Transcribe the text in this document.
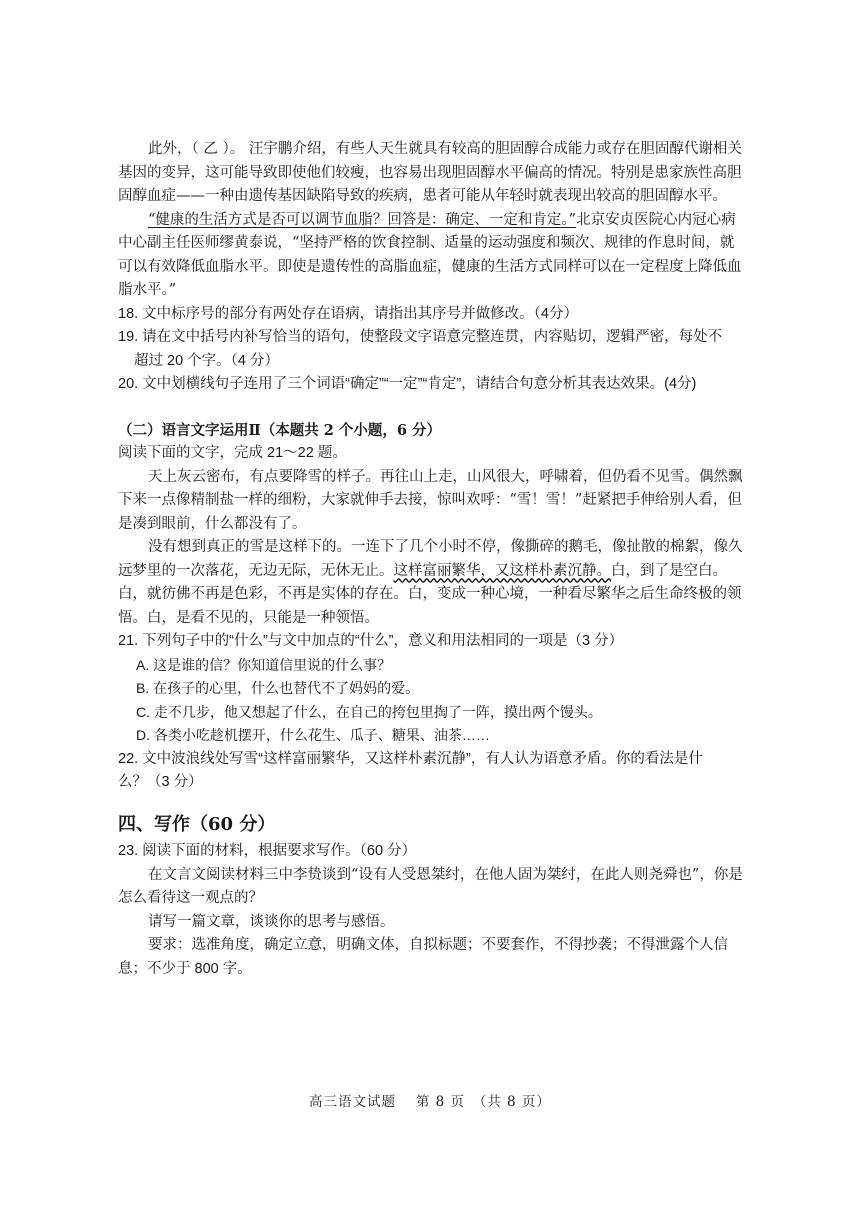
此外，（ 乙 ）。 汪宇鹏介绍，有些人天生就具有较高的胆固醇合成能力或存在胆固醇代谢相关基因的变异，这可能导致即使他们较瘦，也容易出现胆固醇水平偏高的情况。特别是患家族性高胆固醇血症——一种由遗传基因缺陷导致的疾病，患者可能从年轻时就表现出较高的胆固醇水平。

“健康的生活方式是否可以调节血脂？回答是：确定、一定和肯定。”北京安贞医院心内冠心病中心副主任医师缪黄泰说，“坚持严格的饮食控制、适量的运动强度和频次、规律的作息时间，就可以有效降低血脂水平。即使是遗传性的高脂血症，健康的生活方式同样可以在一定程度上降低血脂水平。”

18. 文中标序号的部分有两处存在语病，请指出其序号并做修改。（4分）

19. 请在文中括号内补写恰当的语句，使整段文字语意完整连贯，内容贴切，逻辑严密，每处不

超过 20 个字。（4 分）

20. 文中划横线句子连用了三个词语“确定”“一定”“肯定”，请结合句意分析其表达效果。(4分)

（二）语言文字运用Ⅱ（本题共 2 个小题，6 分）

阅读下面的文字，完成 21～22 题。

天上灰云密布，有点要降雪的样子。再往山上走，山风很大，呼啸着，但仍看不见雪。偶然飘下来一点像精制盐一样的细粉，大家就伸手去接，惊叫欢呼：“雪！雪！”赶紧把手伸给别人看，但是凑到眼前，什么都没有了。

没有想到真正的雪是这样下的。一连下了几个小时不停，像撕碎的鹅毛，像扯散的棉絮，像久远梦里的一次落花，无边无际，无休无止。这样富丽繁华，又这样朴素沉静。白，到了是空白。白，就彷佛不再是色彩，不再是实体的存在。白，变成一种心境，一种看尽繁华之后生命终极的领悟。白，是看不见的，只能是一种领悟。

21. 下列句子中的“什么”与文中加点的“什么”，意义和用法相同的一项是（3 分）

A. 这是谁的信？你知道信里说的什么事？

B. 在孩子的心里，什么也替代不了妈妈的爱。

C. 走不几步，他又想起了什么，在自己的挎包里掏了一阵，摸出两个馒头。

D. 各类小吃趁机摆开，什么花生、瓜子、糖果、油茶……

22. 文中波浪线处写雪“这样富丽繁华，又这样朴素沉静”，有人认为语意矛盾。你的看法是什

么？（3 分）

四、写作（60 分）

23. 阅读下面的材料，根据要求写作。（60 分）

在文言文阅读材料三中李贽谈到“设有人受恩桀纣，在他人固为桀纣，在此人则尧舜也”，你是怎么看待这一观点的？

请写一篇文章，谈谈你的思考与感悟。

要求：选准角度，确定立意，明确文体，自拟标题；不要套作，不得抄袭；不得泄露个人信息；不少于 800 字。

高三语文试题　 第 8 页　（共 8 页）
